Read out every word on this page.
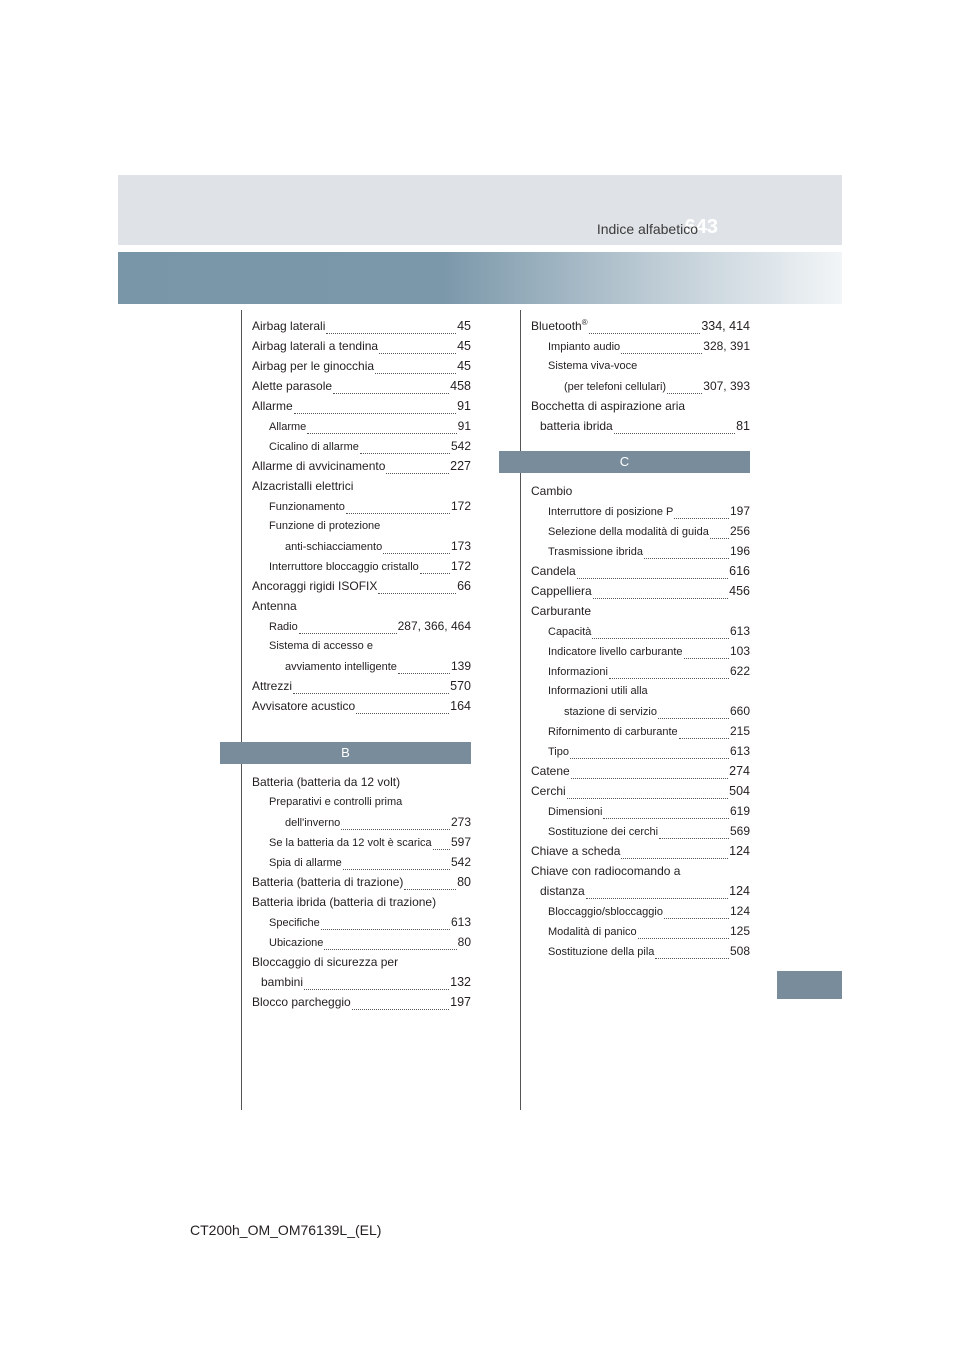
643
Indice alfabetico
Airbag laterali	45
Airbag laterali a tendina	45
Airbag per le ginocchia	45
Alette parasole	458
Allarme	91
Allarme	91
Cicalino di allarme	542
Allarme di avvicinamento	227
Alzacristalli elettrici
Funzionamento	172
Funzione di protezione
anti-schiacciamento	173
Interruttore bloccaggio cristallo	172
Ancoraggi rigidi ISOFIX	66
Antenna
Radio	287, 366, 464
Sistema di accesso e
avviamento intelligente	139
Attrezzi	570
Avvisatore acustico	164
B
Batteria (batteria da 12 volt)
Preparativi e controlli prima
dell'inverno	273
Se la batteria da 12 volt è scarica 597
Spia di allarme	542
Batteria (batteria di trazione)	80
Batteria ibrida (batteria di trazione)
Specifiche	613
Ubicazione	80
Bloccaggio di sicurezza per
bambini	132
Blocco parcheggio	197
Bluetooth®	334, 414
Impianto audio	328, 391
Sistema viva-voce
(per telefoni cellulari)	307, 393
Bocchetta di aspirazione aria
batteria ibrida	81
C
Cambio
Interruttore di posizione P	197
Selezione della modalità di guida 256
Trasmissione ibrida	196
Candela	616
Cappelliera	456
Carburante
Capacità	613
Indicatore livello carburante	103
Informazioni	622
Informazioni utili alla
stazione di servizio	660
Rifornimento di carburante	215
Tipo	613
Catene	274
Cerchi	504
Dimensioni	619
Sostituzione dei cerchi	569
Chiave a scheda	124
Chiave con radiocomando a
distanza	124
Bloccaggio/sbloccaggio	124
Modalità di panico	125
Sostituzione della pila	508
CT200h_OM_OM76139L_(EL)
